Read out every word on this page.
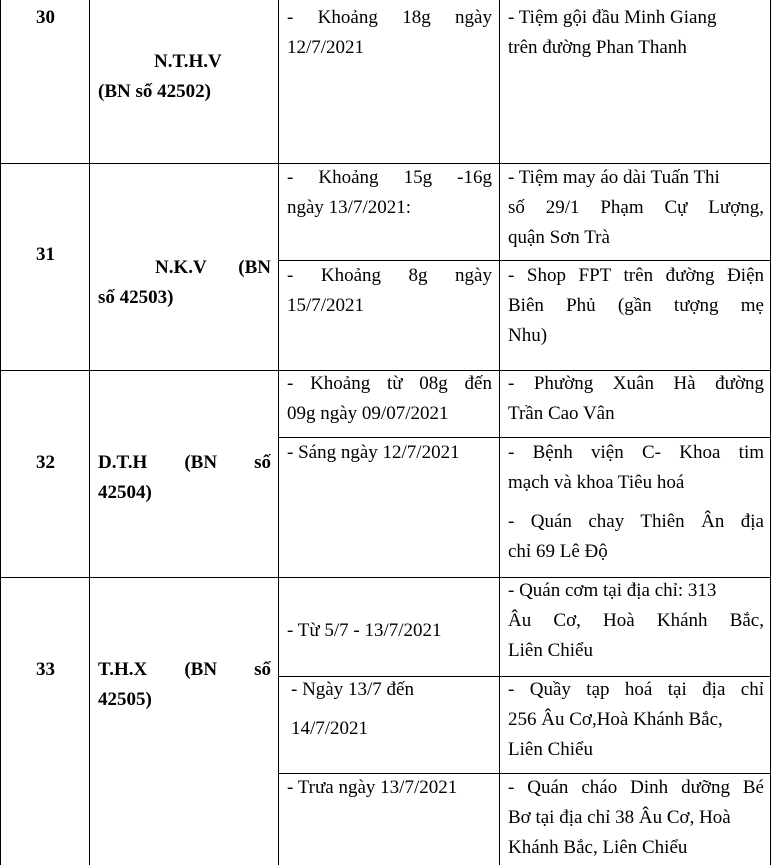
30
N.T.H.V
(BN số 42502)
- Khoảng 18g ngày
12/7/2021
- Tiệm gội đầu Minh Giang
trên đường Phan Thanh
31
N.K.V (BN
số 42503)
- Khoảng 15g -16g
ngày 13/7/2021:
- Tiệm may áo dài Tuấn Thi
số 29/1 Phạm Cự Lượng,
quận Sơn Trà
- Khoảng 8g ngày
15/7/2021
- Shop FPT trên đường Điện
Biên Phủ (gần tượng mẹ
Nhu)
32 D.T.H (BN số
42504)
- Khoảng từ 08g đến
09g ngày 09/07/2021
- Phường Xuân Hà đường
Trần Cao Vân
- Sáng ngày 12/7/2021	- Bệnh viện C- Khoa tim
mạch và khoa Tiêu hoá
- Quán chay Thiên Ân địa
chỉ 69 Lê Độ
33 T.H.X (BN số
42505)
- Từ 5/7 - 13/7/2021
- Quán cơm tại địa chỉ: 313
Âu Cơ, Hoà Khánh Bắc,
Liên Chiểu
- Ngày 13/7 đến
14/7/2021
- Quầy tạp hoá tại địa chỉ
256 Âu Cơ,Hoà Khánh Bắc,
Liên Chiểu
- Trưa ngày 13/7/2021	- Quán cháo Dinh dưỡng Bé
Bơ tại địa chỉ 38 Âu Cơ, Hoà
Khánh Bắc, Liên Chiểu
